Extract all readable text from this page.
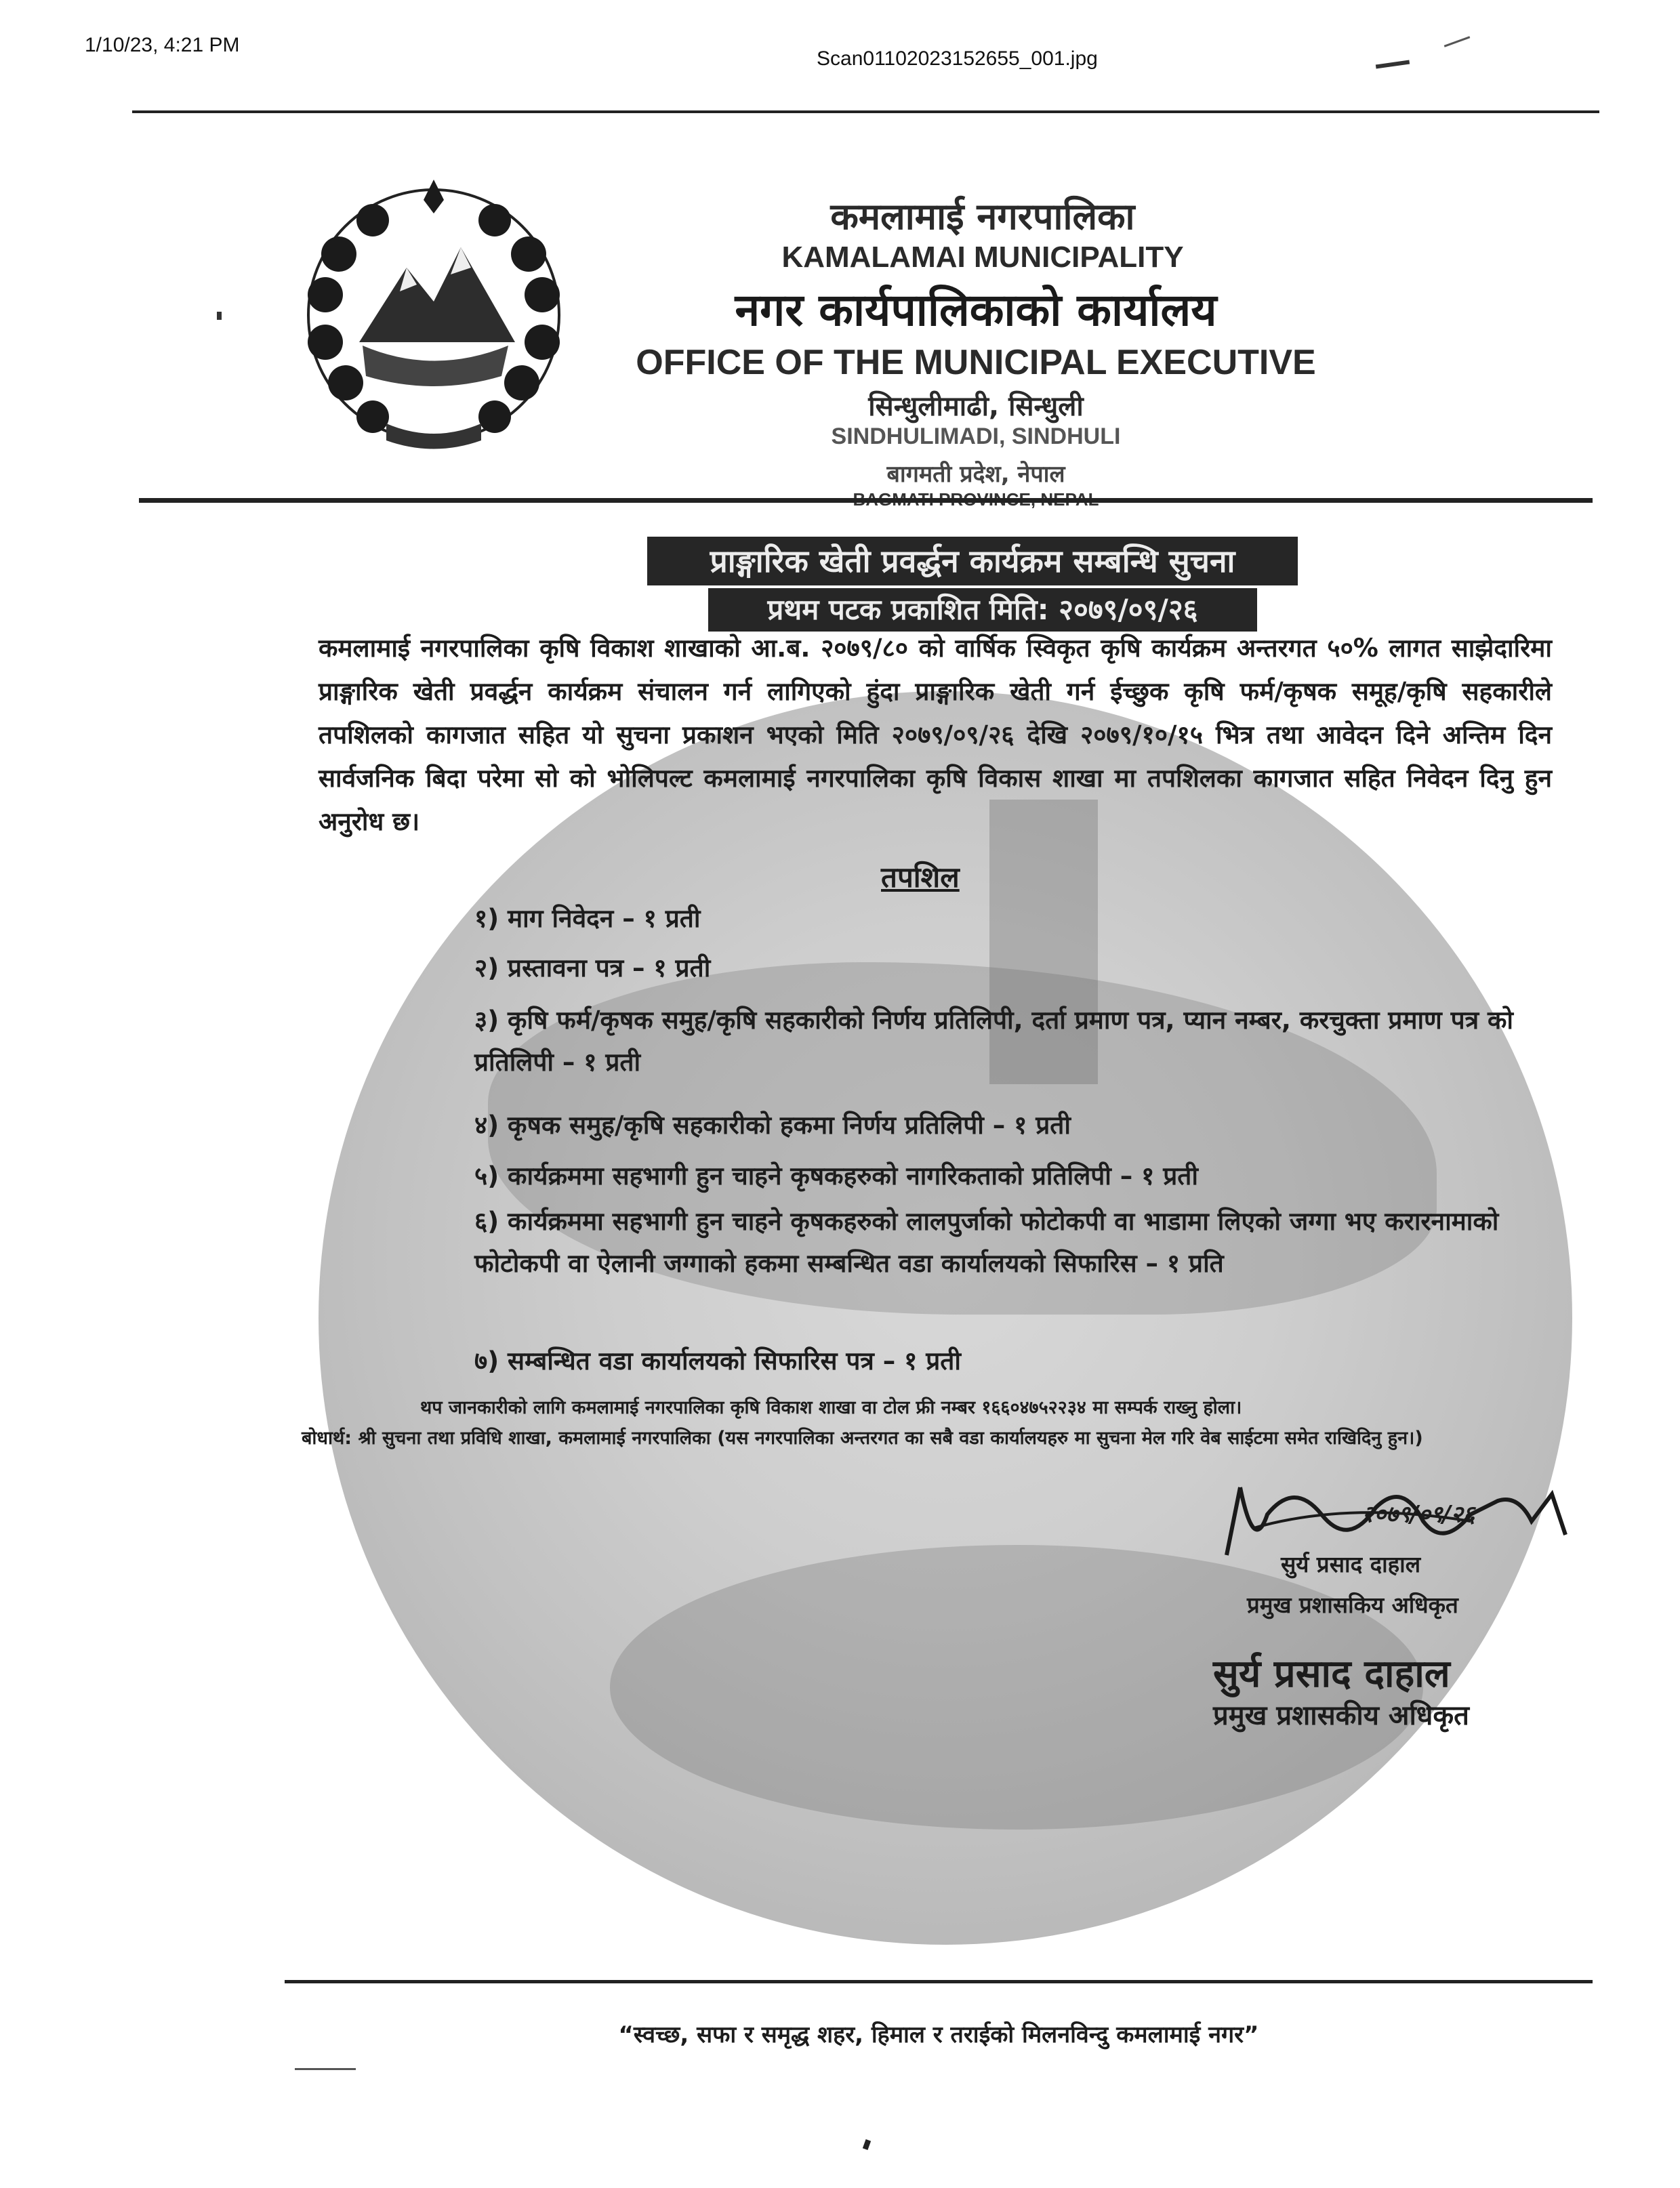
1/10/23, 4:21 PM
Scan01102023152655_001.jpg
कमलामाई नगरपालिका
KAMALAMAI MUNICIPALITY
नगर कार्यपालिकाको कार्यालय
OFFICE OF THE MUNICIPAL EXECUTIVE
सिन्धुलीमाढी, सिन्धुली
SINDHULIMADI, SINDHULI
बागमती प्रदेश, नेपाल
प्राङ्गारिक खेती प्रवर्द्धन कार्यक्रम सम्बन्धि सुचना
प्रथम पटक प्रकाशित मिति: २०७९/०९/२६
कमलामाई नगरपालिका कृषि विकाश शाखाको आ.ब. २०७९/८० को वार्षिक स्विकृत कृषि कार्यक्रम अन्तरगत ५०% लागत साझेदारिमा प्राङ्गारिक खेती प्रवर्द्धन कार्यक्रम संचालन गर्न लागिएको हुंदा प्राङ्गारिक खेती गर्न ईच्छुक कृषि फर्म/कृषक समूह/कृषि सहकारीले तपशिलको कागजात सहित यो सुचना प्रकाशन भएको मिति २०७९/०९/२६ देखि २०७९/१०/१५ भित्र तथा आवेदन दिने अन्तिम दिन सार्वजनिक बिदा परेमा सो को भोलिपल्ट कमलामाई नगरपालिका कृषि विकास शाखा मा तपशिलका कागजात सहित निवेदन दिनु हुन अनुरोध छ।
तपशिल
१) माग निवेदन – १ प्रती
२) प्रस्तावना पत्र – १ प्रती
३) कृषि फर्म/कृषक समुह/कृषि सहकारीको निर्णय प्रतिलिपी, दर्ता प्रमाण पत्र, प्यान नम्बर, करचुक्ता प्रमाण पत्र को प्रतिलिपी – १ प्रती
४) कृषक समुह/कृषि सहकारीको हकमा निर्णय प्रतिलिपी – १ प्रती
५) कार्यक्रममा सहभागी हुन चाहने कृषकहरुको नागरिकताको प्रतिलिपी – १ प्रती
६) कार्यक्रममा सहभागी हुन चाहने कृषकहरुको लालपुर्जाको फोटोकपी वा भाडामा लिएको जग्गा भए करारनामाको फोटोकपी वा ऐलानी जग्गाको हकमा सम्बन्धित वडा कार्यालयको सिफारिस – १ प्रति
७) सम्बन्धित वडा कार्यालयको सिफारिस पत्र – १ प्रती
थप जानकारीको लागि कमलामाई नगरपालिका कृषि विकाश शाखा वा टोल फ्री नम्बर १६६०४७५२२३४ मा सम्पर्क राख्नु होला।
बोधार्थ: श्री सुचना तथा प्रविधि शाखा, कमलामाई नगरपालिका (यस नगरपालिका अन्तरगत का सबै वडा कार्यालयहरु मा सुचना मेल गरि वेब साईटमा समेत राखिदिनु हुन।)
२०७९/०९/२६
सुर्य प्रसाद दाहाल
प्रमुख प्रशासकिय अधिकृत
सुर्य प्रसाद दाहाल
प्रमुख प्रशासकीय अधिकृत
“स्वच्छ, सफा र समृद्ध शहर, हिमाल र तराईको मिलनविन्दु कमलामाई नगर”
